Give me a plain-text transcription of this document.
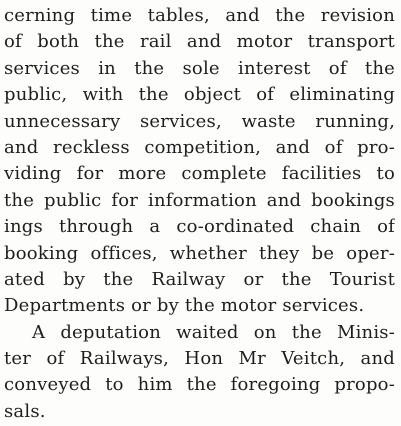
cerning time tables, and the revision
of both the rail and motor transport
services in the sole interest of the
public, with the object of eliminating
unnecessary services, waste running,
and reckless competition, and of pro-
viding for more complete facilities to
the public for information and bookings
ings through a co-ordinated chain of
booking offices, whether they be oper-
ated by the Railway or the Tourist
Departments or by the motor services.
A deputation waited on the Minis-
ter of Railways, Hon Mr Veitch, and
conveyed to him the foregoing propo-
sals.
